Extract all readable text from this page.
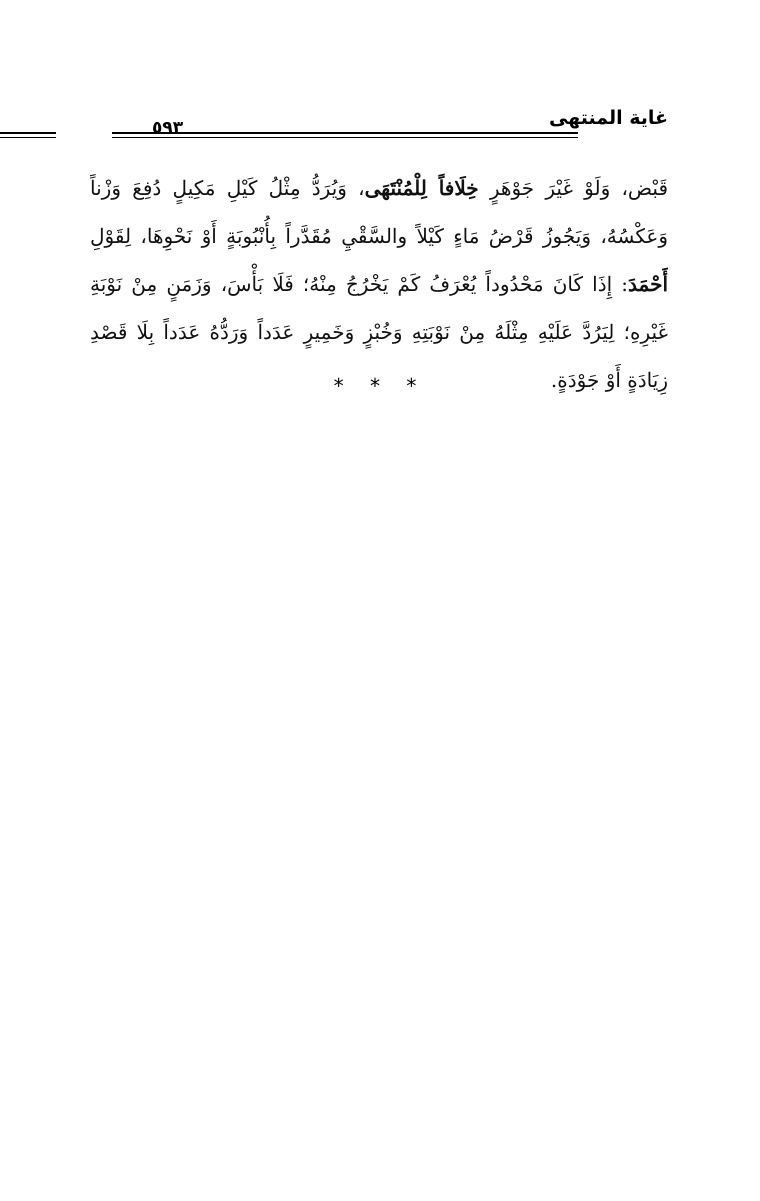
غاية المنتهى
٥٩٣
قَبْض، وَلَوْ غَيْرَ جَوْهَرٍ خِلَافاً لِلْمُنْتَهَى، وَيُرَدُّ مِثْلُ كَيْلِ مَكِيلٍ دُفِعَ وَزْناً
وَعَكْسُهُ، وَيَجُوزُ قَرْضُ مَاءٍ كَيْلاً والسَّقْيِ مُقَدَّراً بِأُنْبُوبَةٍ أَوْ نَحْوِهَا، لِقَوْلِ
أَحْمَدَ: إِذَا كَانَ مَحْدُوداً يُعْرَفُ كَمْ يَخْرُجُ مِنْهُ؛ فَلَا بَأْسَ، وَزَمَنٍ مِنْ نَوْبَةِ
غَيْرِهِ؛ لِيَرُدَّ عَلَيْهِ مِثْلَهُ مِنْ نَوْبَتِهِ وَخُبْزٍ وَخَمِيرٍ عَدَداً وَرَدُّهُ عَدَداً بِلَا قَصْدِ
زِيَادَةٍ أَوْ جَوْدَةٍ.
* * *
